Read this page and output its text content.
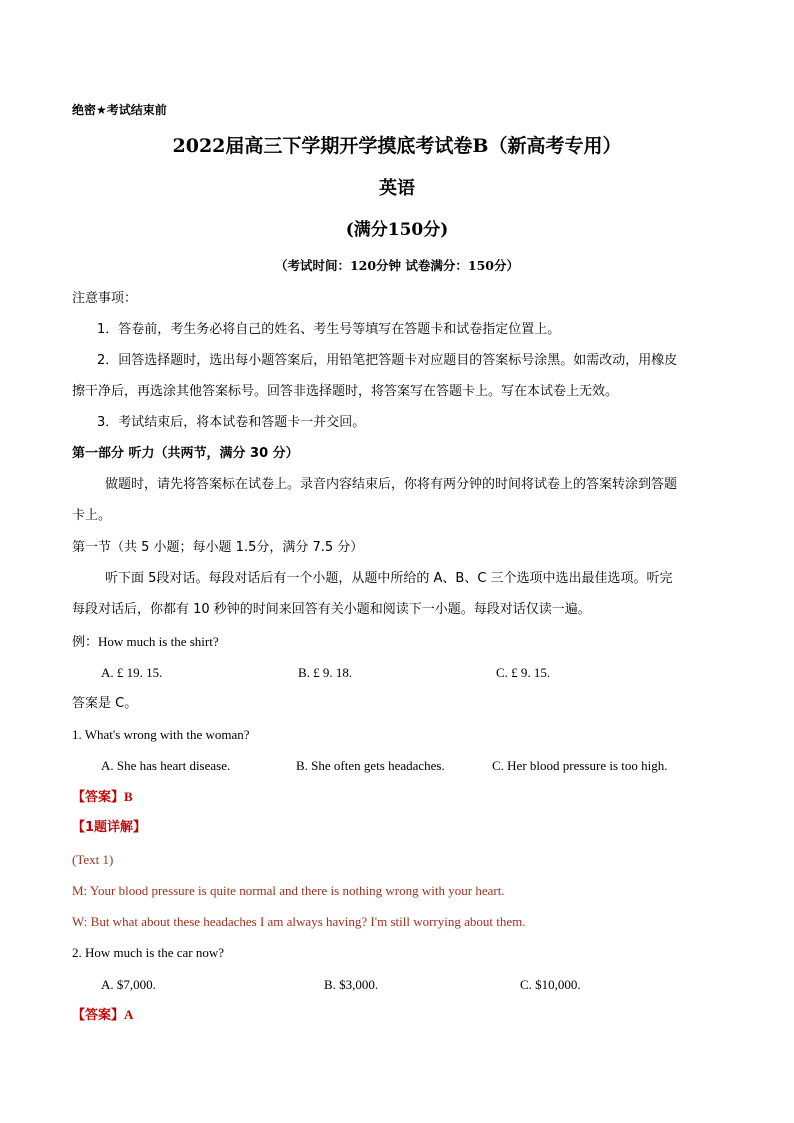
绝密★考试结束前
2022届高三下学期开学摸底考试卷B（新高考专用）
英语
(满分150分)
（考试时间：120分钟 试卷满分：150分）
注意事项：
1．答卷前，考生务必将自己的姓名、考生号等填写在答题卡和试卷指定位置上。
2．回答选择题时，选出每小题答案后，用铅笔把答题卡对应题目的答案标号涂黑。如需改动，用橡皮
擦干净后，再选涂其他答案标号。回答非选择题时，将答案写在答题卡上。写在本试卷上无效。
3．考试结束后，将本试卷和答题卡一并交回。
第一部分 听力（共两节，满分 30 分）
做题时，请先将答案标在试卷上。录音内容结束后，你将有两分钟的时间将试卷上的答案转涂到答题
卡上。
第一节（共 5 小题；每小题 1.5分，满分 7.5 分）
听下面 5段对话。每段对话后有一个小题，从题中所给的 A、B、C 三个选项中选出最佳选项。听完
每段对话后，你都有 10 秒钟的时间来回答有关小题和阅读下一小题。每段对话仅读一遍。
例：How much is the shirt?
A. £ 19. 15.	B. £ 9. 18.	C. £ 9. 15.
答案是 C。
1. What's wrong with the woman?
A. She has heart disease.	B. She often gets headaches.	C. Her blood pressure is too high.
【答案】B
【1题详解】
(Text 1)
M: Your blood pressure is quite normal and there is nothing wrong with your heart.
W: But what about these headaches I am always having? I'm still worrying about them.
2. How much is the car now?
A. $7,000.	B. $3,000.	C. $10,000.
【答案】A
